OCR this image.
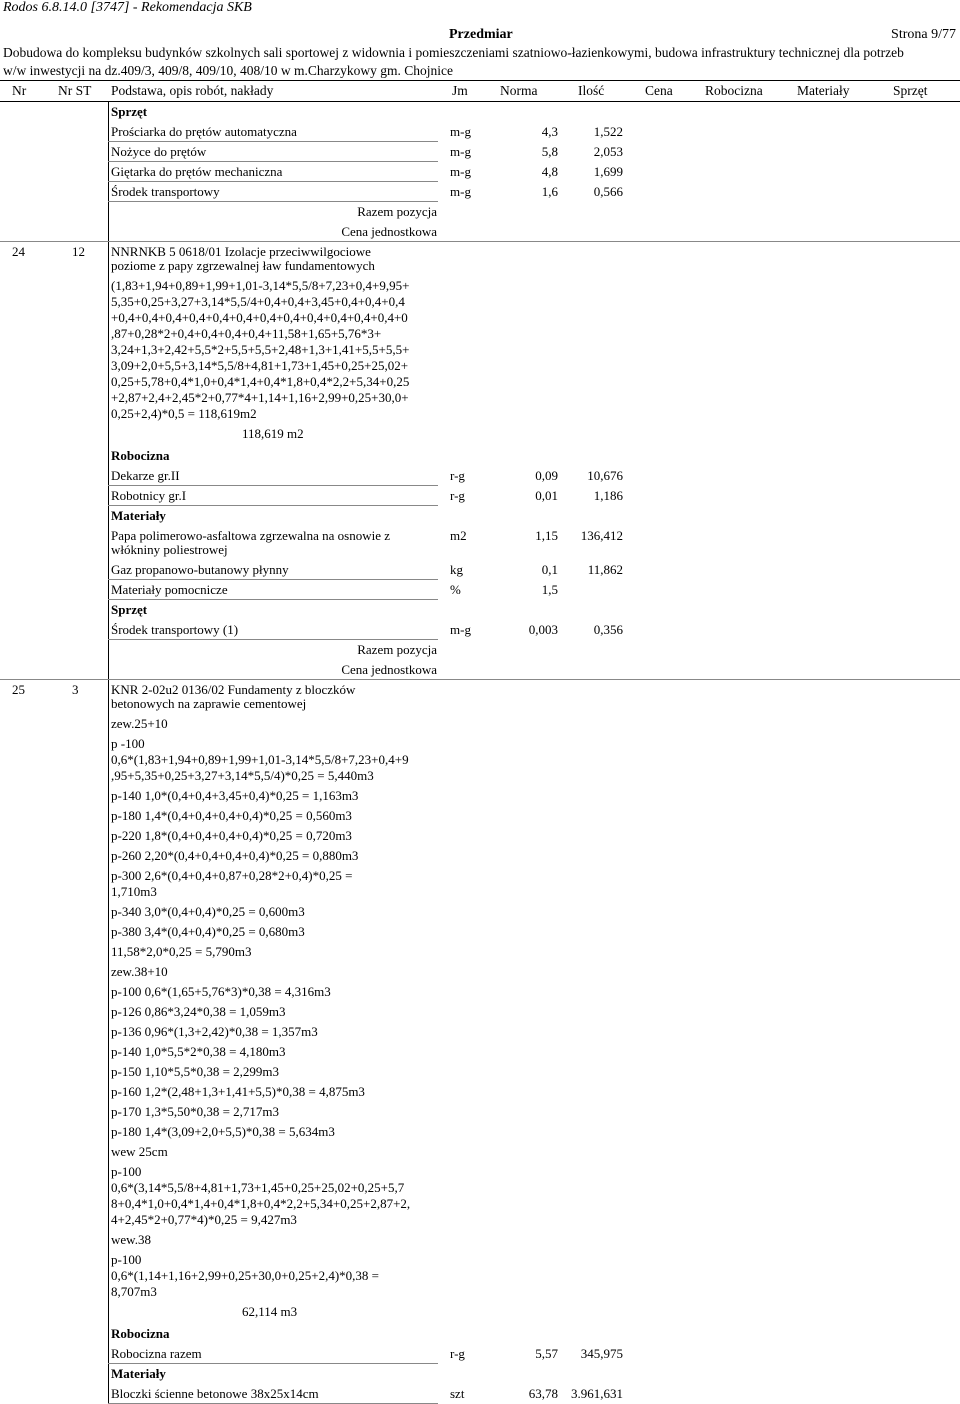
Rodos 6.8.14.0 [3747] - Rekomendacja SKB
Przedmiar	Strona 9/77
Dobudowa do kompleksu budynków szkolnych sali sportowej z widownia i pomieszczeniami szatniowo-łazienkowymi, budowa infrastruktury technicznej dla potrzeb
w/w inwestycji na dz.409/3, 409/8, 409/10, 408/10 w m.Charzykowy gm. Chojnice
Nr Nr ST Podstawa, opis robót, nakłady	Jm Norma	Ilość	Cena Robocizna	Materiały	Sprzęt
Sprzęt
Prościarka do prętów automatyczna	m-g	4,3	1,522
Nożyce do prętów	m-g	5,8	2,053
Giętarka do prętów mechaniczna	m-g	4,8	1,699
Środek transportowy	m-g	1,6	0,566
Razem pozycja
Cena jednostkowa
24	12 NNRNKB 5 0618/01 Izolacje przeciwwilgociowe
poziome z papy zgrzewalnej ław fundamentowych
(1,83+1,94+0,89+1,99+1,01-3,14*5,5/8+7,23+0,4+9,95+
5,35+0,25+3,27+3,14*5,5/4+0,4+0,4+3,45+0,4+0,4+0,4
+0,4+0,4+0,4+0,4+0,4+0,4+0,4+0,4+0,4+0,4+0,4+0,4+0
,87+0,28*2+0,4+0,4+0,4+0,4+11,58+1,65+5,76*3+
3,24+1,3+2,42+5,5*2+5,5+5,5+2,48+1,3+1,41+5,5+5,5+
3,09+2,0+5,5+3,14*5,5/8+4,81+1,73+1,45+0,25+25,02+
0,25+5,78+0,4*1,0+0,4*1,4+0,4*1,8+0,4*2,2+5,34+0,25
+2,87+2,4+2,45*2+0,77*4+1,14+1,16+2,99+0,25+30,0+
0,25+2,4)*0,5 = 118,619m2
118,619 m2
Robocizna
Dekarze gr.II	r-g	0,09 10,676
Robotnicy gr.I	r-g	0,01	1,186
Materiały
Papa polimerowo-asfaltowa zgrzewalna na osnowie z
włókniny poliestrowej
m2	1,15 136,412
Gaz propanowo-butanowy płynny	kg	0,1 11,862
Materiały pomocnicze	%	1,5
Sprzęt
Środek transportowy (1)	m-g	0,003	0,356
Razem pozycja
Cena jednostkowa
25	3	KNR 2-02u2 0136/02 Fundamenty z bloczków
betonowych na zaprawie cementowej
zew.25+10
p -100
0,6*(1,83+1,94+0,89+1,99+1,01-3,14*5,5/8+7,23+0,4+9
,95+5,35+0,25+3,27+3,14*5,5/4)*0,25 = 5,440m3
p-140 1,0*(0,4+0,4+3,45+0,4)*0,25 = 1,163m3
p-180 1,4*(0,4+0,4+0,4+0,4)*0,25 = 0,560m3
p-220 1,8*(0,4+0,4+0,4+0,4)*0,25 = 0,720m3
p-260 2,20*(0,4+0,4+0,4+0,4)*0,25 = 0,880m3
p-300 2,6*(0,4+0,4+0,87+0,28*2+0,4)*0,25 =
1,710m3
p-340 3,0*(0,4+0,4)*0,25 = 0,600m3
p-380 3,4*(0,4+0,4)*0,25 = 0,680m3
11,58*2,0*0,25 = 5,790m3
zew.38+10
p-100 0,6*(1,65+5,76*3)*0,38 = 4,316m3
p-126 0,86*3,24*0,38 = 1,059m3
p-136 0,96*(1,3+2,42)*0,38 = 1,357m3
p-140 1,0*5,5*2*0,38 = 4,180m3
p-150 1,10*5,5*0,38 = 2,299m3
p-160 1,2*(2,48+1,3+1,41+5,5)*0,38 = 4,875m3
p-170 1,3*5,50*0,38 = 2,717m3
p-180 1,4*(3,09+2,0+5,5)*0,38 = 5,634m3
wew 25cm
p-100
0,6*(3,14*5,5/8+4,81+1,73+1,45+0,25+25,02+0,25+5,7
8+0,4*1,0+0,4*1,4+0,4*1,8+0,4*2,2+5,34+0,25+2,87+2,
4+2,45*2+0,77*4)*0,25 = 9,427m3
wew.38
p-100
0,6*(1,14+1,16+2,99+0,25+30,0+0,25+2,4)*0,38 =
8,707m3
62,114 m3
Robocizna
Robocizna razem	r-g	5,57 345,975
Materiały
Bloczki ścienne betonowe 38x25x14cm	szt	63,78 3.961,631
